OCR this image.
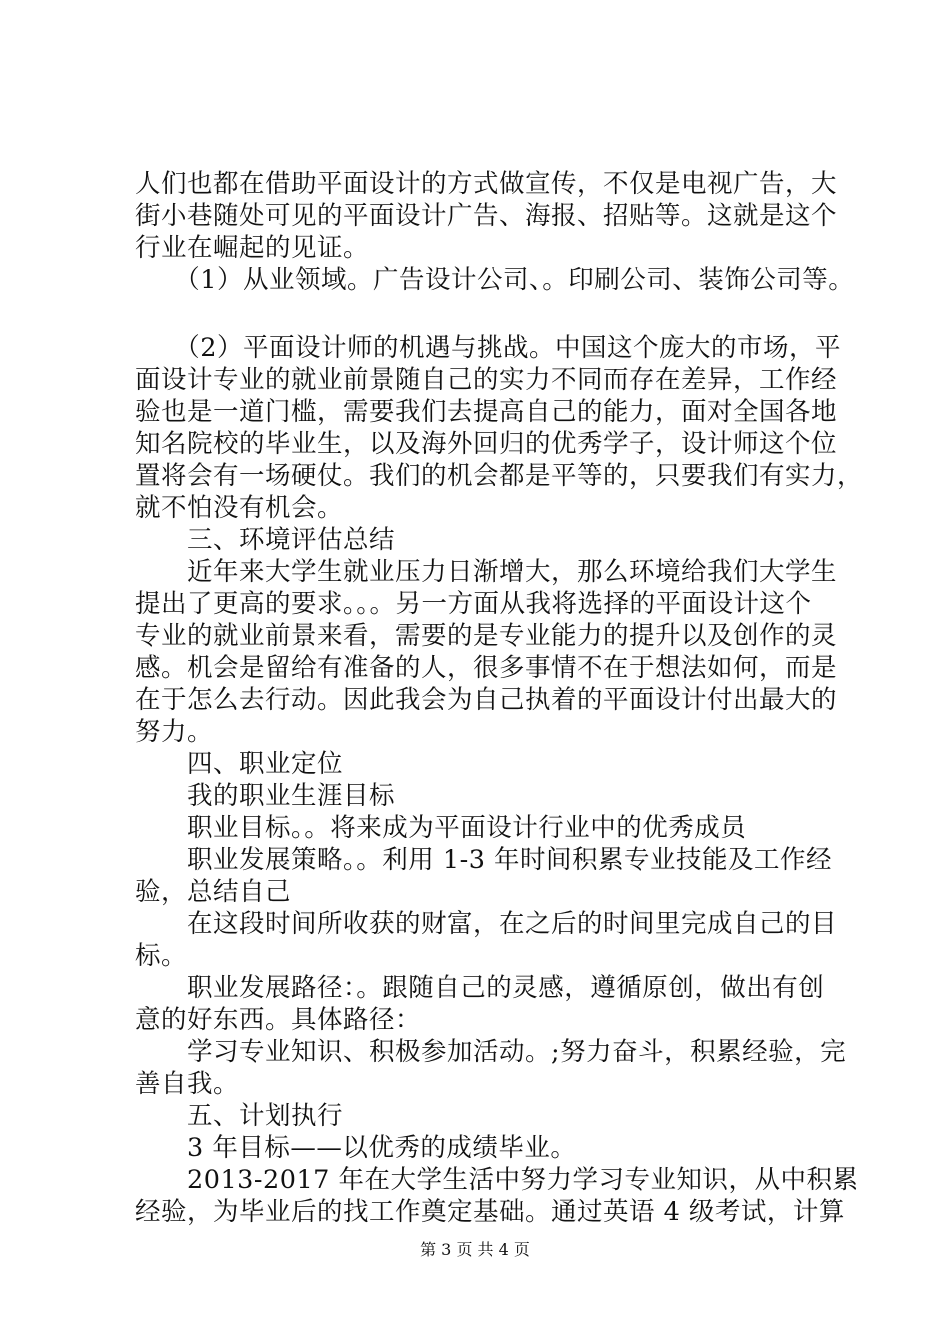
人们也都在借助平面设计的方式做宣传，不仅是电视广告，大
街小巷随处可见的平面设计广告、海报、招贴等。这就是这个
行业在崛起的见证。
　　（1）从业领域。广告设计公司、。印刷公司、装饰公司等。
　　（2）平面设计师的机遇与挑战。中国这个庞大的市场，平
面设计专业的就业前景随自己的实力不同而存在差异，工作经
验也是一道门槛，需要我们去提高自己的能力，面对全国各地
知名院校的毕业生，以及海外回归的优秀学子，设计师这个位
置将会有一场硬仗。我们的机会都是平等的，只要我们有实力，
就不怕没有机会。
　　三、环境评估总结
　　近年来大学生就业压力日渐增大，那么环境给我们大学生
提出了更高的要求。。。另一方面从我将选择的平面设计这个
专业的就业前景来看，需要的是专业能力的提升以及创作的灵
感。机会是留给有准备的人，很多事情不在于想法如何，而是
在于怎么去行动。因此我会为自己执着的平面设计付出最大的
努力。
　　四、职业定位
　　我的职业生涯目标
　　职业目标。。将来成为平面设计行业中的优秀成员
　　职业发展策略。。利用 1-3 年时间积累专业技能及工作经
验，总结自己
　　在这段时间所收获的财富，在之后的时间里完成自己的目
标。
　　职业发展路径：。跟随自己的灵感，遵循原创，做出有创
意的好东西。具体路径：
　　学习专业知识、积极参加活动。;努力奋斗，积累经验，完
善自我。
　　五、计划执行
　　3 年目标——以优秀的成绩毕业。
　　2013-2017 年在大学生活中努力学习专业知识，从中积累
经验，为毕业后的找工作奠定基础。通过英语 4 级考试，计算
第 3 页 共 4 页
